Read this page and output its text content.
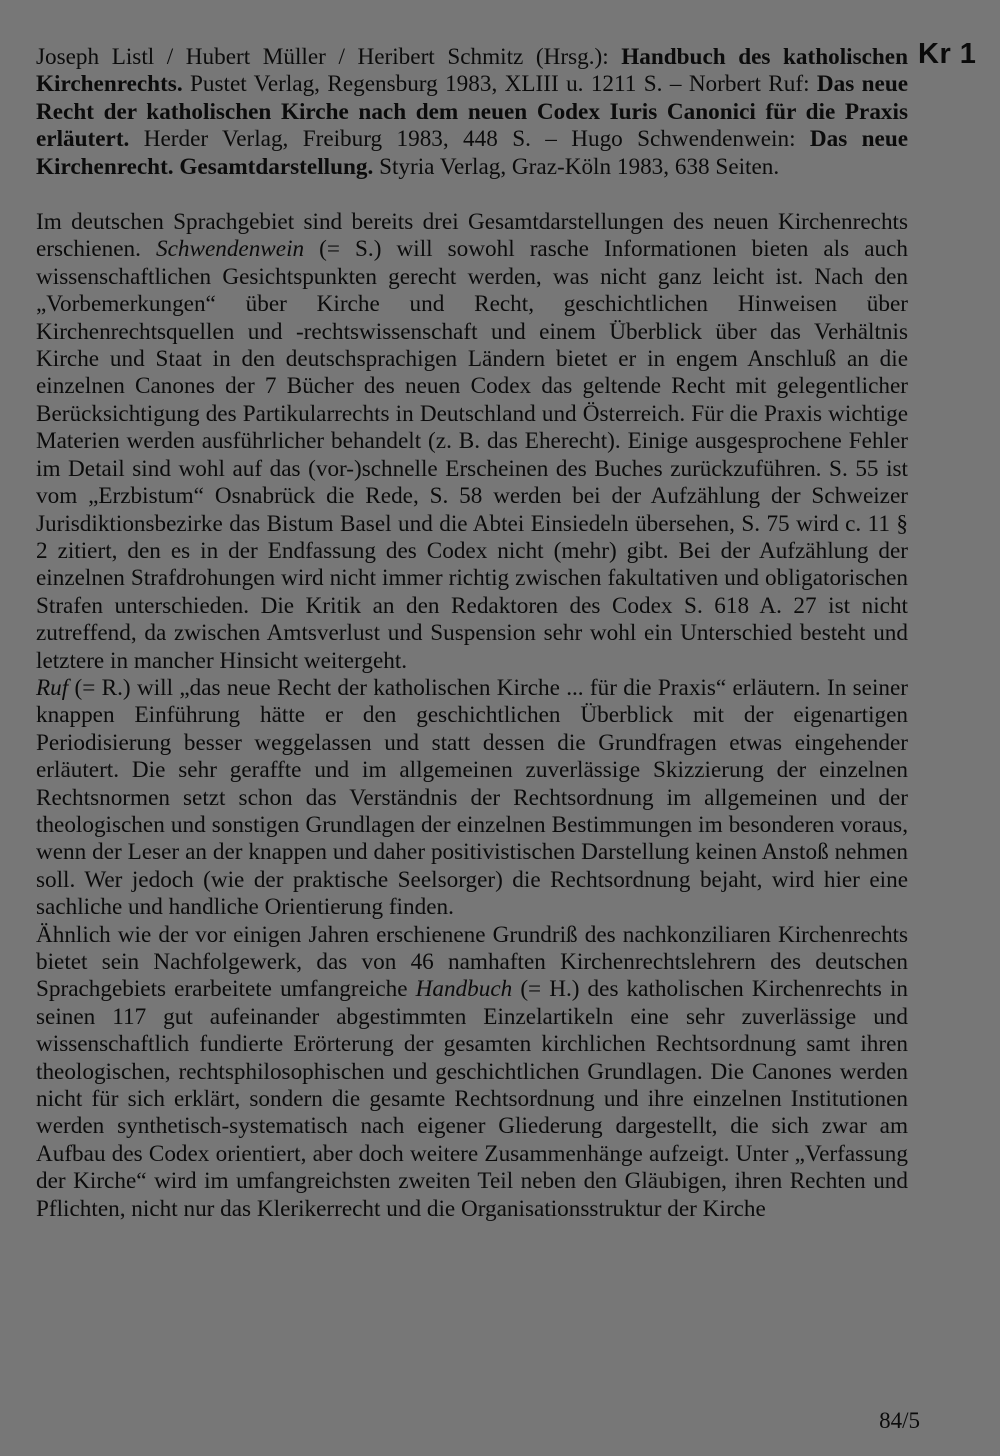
Kr 1
Joseph Listl / Hubert Müller / Heribert Schmitz (Hrsg.): Handbuch des katholischen Kirchenrechts. Pustet Verlag, Regensburg 1983, XLIII u. 1211 S. – Norbert Ruf: Das neue Recht der katholischen Kirche nach dem neuen Codex Iuris Canonici für die Praxis erläutert. Herder Verlag, Freiburg 1983, 448 S. – Hugo Schwendenwein: Das neue Kirchenrecht. Gesamtdarstellung. Styria Verlag, Graz-Köln 1983, 638 Seiten.

Im deutschen Sprachgebiet sind bereits drei Gesamtdarstellungen des neuen Kirchenrechts erschienen. Schwendenwein (= S.) will sowohl rasche Informationen bieten als auch wissenschaftlichen Gesichtspunkten gerecht werden, was nicht ganz leicht ist. Nach den „Vorbemerkungen“ über Kirche und Recht, geschichtlichen Hinweisen über Kirchenrechtsquellen und -rechtswissenschaft und einem Überblick über das Verhältnis Kirche und Staat in den deutschsprachigen Ländern bietet er in engem Anschluß an die einzelnen Canones der 7 Bücher des neuen Codex das geltende Recht mit gelegentlicher Berücksichtigung des Partikularrechts in Deutschland und Österreich. Für die Praxis wichtige Materien werden ausführlicher behandelt (z. B. das Eherecht). Einige ausgesprochene Fehler im Detail sind wohl auf das (vor-)schnelle Erscheinen des Buches zurückzuführen. S. 55 ist vom „Erzbistum“ Osnabrück die Rede, S. 58 werden bei der Aufzählung der Schweizer Jurisdiktionsbezirke das Bistum Basel und die Abtei Einsiedeln übersehen, S. 75 wird c. 11 § 2 zitiert, den es in der Endfassung des Codex nicht (mehr) gibt. Bei der Aufzählung der einzelnen Strafdrohungen wird nicht immer richtig zwischen fakultativen und obligatorischen Strafen unterschieden. Die Kritik an den Redaktoren des Codex S. 618 A. 27 ist nicht zutreffend, da zwischen Amtsverlust und Suspension sehr wohl ein Unterschied besteht und letztere in mancher Hinsicht weitergeht.

Ruf (= R.) will „das neue Recht der katholischen Kirche ... für die Praxis“ erläutern. In seiner knappen Einführung hätte er den geschichtlichen Überblick mit der eigenartigen Periodisierung besser weggelassen und statt dessen die Grundfragen etwas eingehender erläutert. Die sehr geraffte und im allgemeinen zuverlässige Skizzierung der einzelnen Rechtsnormen setzt schon das Verständnis der Rechtsordnung im allgemeinen und der theologischen und sonstigen Grundlagen der einzelnen Bestimmungen im besonderen voraus, wenn der Leser an der knappen und daher positivistischen Darstellung keinen Anstoß nehmen soll. Wer jedoch (wie der praktische Seelsorger) die Rechtsordnung bejaht, wird hier eine sachliche und handliche Orientierung finden.

Ähnlich wie der vor einigen Jahren erschienene Grundriß des nachkonziliaren Kirchenrechts bietet sein Nachfolgewerk, das von 46 namhaften Kirchenrechtslehrern des deutschen Sprachgebiets erarbeitete umfangreiche Handbuch (= H.) des katholischen Kirchenrechts in seinen 117 gut aufeinander abgestimmten Einzelartikeln eine sehr zuverlässige und wissenschaftlich fundierte Erörterung der gesamten kirchlichen Rechtsordnung samt ihren theologischen, rechtsphilosophischen und geschichtlichen Grundlagen. Die Canones werden nicht für sich erklärt, sondern die gesamte Rechtsordnung und ihre einzelnen Institutionen werden synthetisch-systematisch nach eigener Gliederung dargestellt, die sich zwar am Aufbau des Codex orientiert, aber doch weitere Zusammenhänge aufzeigt. Unter „Verfassung der Kirche“ wird im umfangreichsten zweiten Teil neben den Gläubigen, ihren Rechten und Pflichten, nicht nur das Klerikerrecht und die Organisationsstruktur der Kirche

84/5
